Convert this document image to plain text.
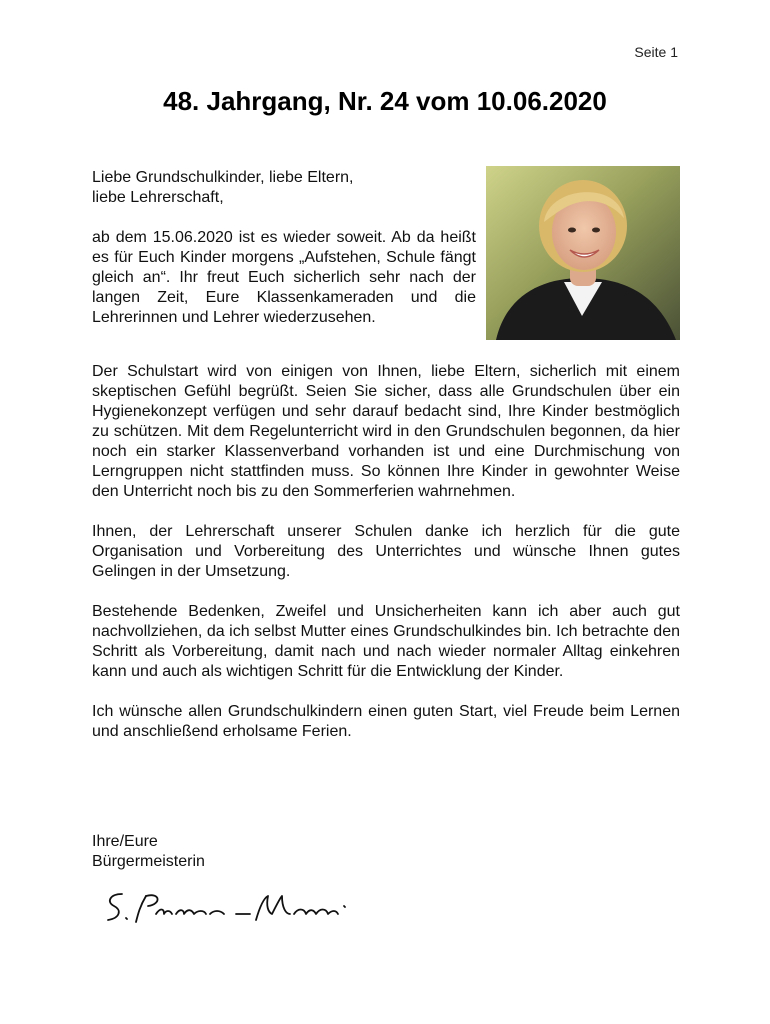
Seite 1
48. Jahrgang, Nr. 24 vom 10.06.2020

Liebe Grundschulkinder, liebe Eltern,

liebe Lehrerschaft,

ab dem 15.06.2020 ist es wieder soweit. Ab da heißt es für Euch Kinder morgens „Aufstehen, Schule fängt gleich an“. Ihr freut Euch sicherlich sehr nach der langen Zeit, Eure Klassenkameraden und die Lehrerinnen und Lehrer wiederzusehen.

Der Schulstart wird von einigen von Ihnen, liebe Eltern, sicherlich mit einem skeptischen Gefühl begrüßt. Seien Sie sicher, dass alle Grundschulen über ein Hygienekonzept verfügen und sehr darauf bedacht sind, Ihre Kinder bestmöglich zu schützen. Mit dem Regelunterricht wird in den Grundschulen begonnen, da hier noch ein starker Klassenverband vorhanden ist und eine Durchmischung von Lerngruppen nicht stattfinden muss. So können Ihre Kinder in gewohnter Weise den Unterricht noch bis zu den Sommerferien wahrnehmen.

Ihnen, der Lehrerschaft unserer Schulen danke ich herzlich für die gute Organisation und Vorbereitung des Unterrichtes und wünsche Ihnen gutes Gelingen in der Umsetzung.

Bestehende Bedenken, Zweifel und Unsicherheiten kann ich aber auch gut nachvollziehen, da ich selbst Mutter eines Grundschulkindes bin. Ich betrachte den Schritt als Vorbereitung, damit nach und nach wieder normaler Alltag einkehren kann und auch als wichtigen Schritt für die Entwicklung der Kinder.

Ich wünsche allen Grundschulkindern einen guten Start, viel Freude beim Lernen und anschließend erholsame Ferien.

Ihre/Eure
Bürgermeisterin
